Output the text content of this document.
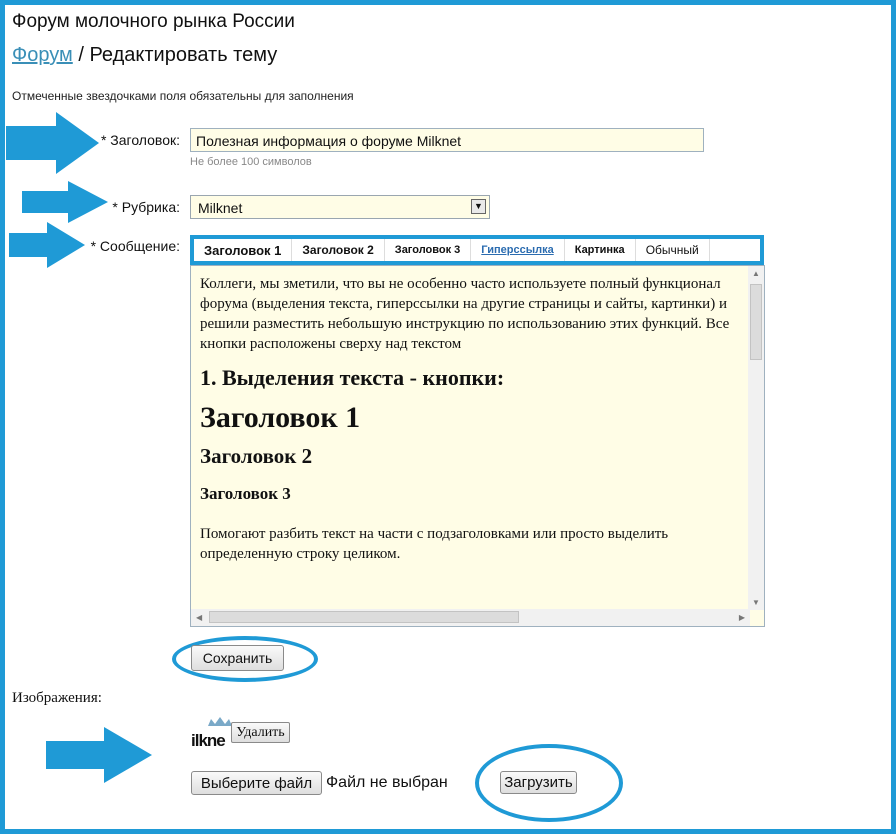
Форум молочного рынка России
Форум / Редактировать тему
Отмеченные звездочками поля обязательны для заполнения
* Заголовок:	Полезная информация о форуме Milknet
Не более 100 символов
* Рубрика:	Milknet	▼
* Сообщение:	Заголовок 1	Заголовок 2	Заголовок 3	Гиперссылка	Картинка	Обычный

Коллеги, мы зметили, что вы не особенно часто используете полный функционал форума (выделения текста, гиперссылки на другие страницы и сайты, картинки) и решили разместить небольшую инструкцию по использованию этих функций. Все кнопки расположены сверху над текстом

1. Выделения текста - кнопки:

Заголовок 1

Заголовок 2

Заголовок 3

Помогают разбить текст на части с подзаголовками или просто выделить определенную строку целиком.

▲
▼
◀	▶
Сохранить
Изображения:
ilkne Удалить
Выберите файл Файл не выбран	Загрузить
